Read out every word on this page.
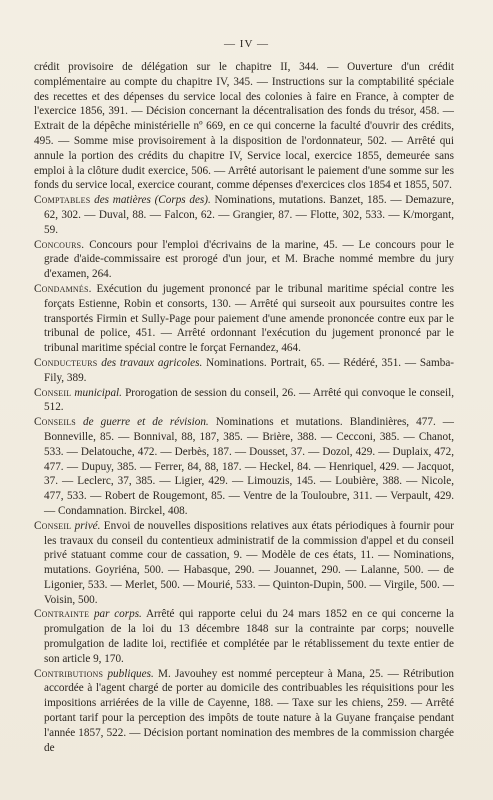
— IV —

crédit provisoire de délégation sur le chapitre II, 344. — Ouverture d'un crédit complémentaire au compte du chapitre IV, 345. — Instructions sur la comptabilité spéciale des recettes et des dépenses du service local des colonies à faire en France, à compter de l'exercice 1856, 391. — Décision concernant la décentralisation des fonds du trésor, 458. — Extrait de la dépêche ministérielle nº 669, en ce qui concerne la faculté d'ouvrir des crédits, 495. — Somme mise provisoirement à la disposition de l'ordonnateur, 502. — Arrêté qui annule la portion des crédits du chapitre IV, Service local, exercice 1855, demeurée sans emploi à la clôture dudit exercice, 506. — Arrêté autorisant le paiement d'une somme sur les fonds du service local, exercice courant, comme dépenses d'exercices clos 1854 et 1855, 507.

Comptables des matières (Corps des). Nominations, mutations. Banzet, 185. — Demazure, 62, 302. — Duval, 88. — Falcon, 62. — Grangier, 87. — Flotte, 302, 533. — K/morgant, 59.

Concours. Concours pour l'emploi d'écrivains de la marine, 45. — Le concours pour le grade d'aide-commissaire est prorogé d'un jour, et M. Brache nommé membre du jury d'examen, 264.

Condamnés. Exécution du jugement prononcé par le tribunal maritime spécial contre les forçats Estienne, Robin et consorts, 130. — Arrêté qui surseoit aux poursuites contre les transportés Firmin et Sully-Page pour paiement d'une amende prononcée contre eux par le tribunal de police, 451. — Arrêté ordonnant l'exécution du jugement prononcé par le tribunal maritime spécial contre le forçat Fernandez, 464.

Conducteurs des travaux agricoles. Nominations. Portrait, 65. — Rédéré, 351. — Samba-Fily, 389.

Conseil municipal. Prorogation de session du conseil, 26. — Arrêté qui convoque le conseil, 512.

Conseils de guerre et de révision. Nominations et mutations. Blandinières, 477. — Bonneville, 85. — Bonnival, 88, 187, 385. — Brière, 388. — Cecconi, 385. — Chanot, 533. — Delatouche, 472. — Derbès, 187. — Dousset, 37. — Dozol, 429. — Duplaix, 472, 477. — Dupuy, 385. — Ferrer, 84, 88, 187. — Heckel, 84. — Henriquel, 429. — Jacquot, 37. — Leclerc, 37, 385. — Ligier, 429. — Limouzis, 145. — Loubière, 388. — Nicole, 477, 533. — Robert de Rougemont, 85. — Ventre de la Touloubre, 311. — Verpault, 429. — Condamnation. Birckel, 408.

Conseil privé. Envoi de nouvelles dispositions relatives aux états périodiques à fournir pour les travaux du conseil du contentieux administratif de la commission d'appel et du conseil privé statuant comme cour de cassation, 9. — Modèle de ces états, 11. — Nominations, mutations. Goyriéna, 500. — Habasque, 290. — Jouannet, 290. — Lalanne, 500. — de Ligonier, 533. — Merlet, 500. — Mourié, 533. — Quinton-Dupin, 500. — Virgile, 500. — Voisin, 500.

Contrainte par corps. Arrêté qui rapporte celui du 24 mars 1852 en ce qui concerne la promulgation de la loi du 13 décembre 1848 sur la contrainte par corps; nouvelle promulgation de ladite loi, rectifiée et complétée par le rétablissement du texte entier de son article 9, 170.

Contributions publiques. M. Javouhey est nommé percepteur à Mana, 25. — Rétribution accordée à l'agent chargé de porter au domicile des contribuables les réquisitions pour les impositions arriérées de la ville de Cayenne, 188. — Taxe sur les chiens, 259. — Arrêté portant tarif pour la perception des impôts de toute nature à la Guyane française pendant l'année 1857, 522. — Décision portant nomination des membres de la commission chargée de
